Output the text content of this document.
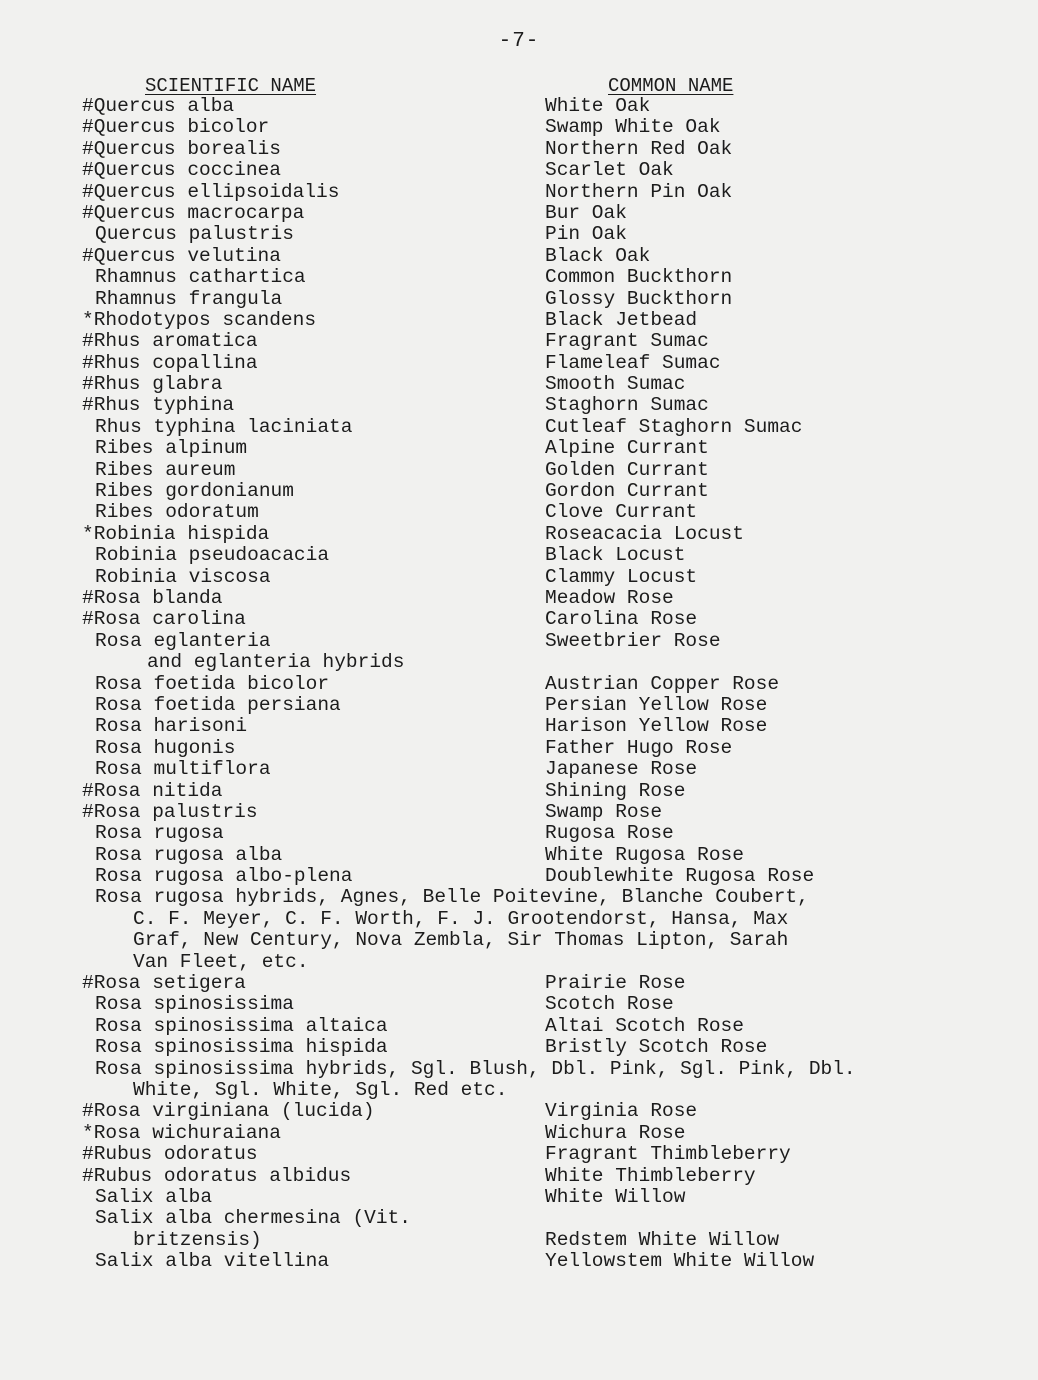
-7-
SCIENTIFIC NAME	COMMON NAME
#Quercus alba	White Oak
#Quercus bicolor	Swamp White Oak
#Quercus borealis	Northern Red Oak
#Quercus coccinea	Scarlet Oak
#Quercus ellipsoidalis	Northern Pin Oak
#Quercus macrocarpa	Bur Oak
Quercus palustris	Pin Oak
#Quercus velutina	Black Oak
Rhamnus cathartica	Common Buckthorn
Rhamnus frangula	Glossy Buckthorn
*Rhodotypos scandens	Black Jetbead
#Rhus aromatica	Fragrant Sumac
#Rhus copallina	Flameleaf Sumac
#Rhus glabra	Smooth Sumac
#Rhus typhina	Staghorn Sumac
Rhus typhina laciniata	Cutleaf Staghorn Sumac
Ribes alpinum	Alpine Currant
Ribes aureum	Golden Currant
Ribes gordonianum	Gordon Currant
Ribes odoratum	Clove Currant
*Robinia hispida	Roseacacia Locust
Robinia pseudoacacia	Black Locust
Robinia viscosa	Clammy Locust
#Rosa blanda	Meadow Rose
#Rosa carolina	Carolina Rose
Rosa eglanteria	Sweetbrier Rose
and eglanteria hybrids
Rosa foetida bicolor	Austrian Copper Rose
Rosa foetida persiana	Persian Yellow Rose
Rosa harisoni	Harison Yellow Rose
Rosa hugonis	Father Hugo Rose
Rosa multiflora	Japanese Rose
#Rosa nitida	Shining Rose
#Rosa palustris	Swamp Rose
Rosa rugosa	Rugosa Rose
Rosa rugosa alba	White Rugosa Rose
Rosa rugosa albo-plena	Doublewhite Rugosa Rose
Rosa rugosa hybrids, Agnes, Belle Poitevine, Blanche Coubert,
C. F. Meyer, C. F. Worth, F. J. Grootendorst, Hansa, Max
Graf, New Century, Nova Zembla, Sir Thomas Lipton, Sarah
Van Fleet, etc.
#Rosa setigera	Prairie Rose
Rosa spinosissima	Scotch Rose
Rosa spinosissima altaica	Altai Scotch Rose
Rosa spinosissima hispida	Bristly Scotch Rose
Rosa spinosissima hybrids, Sgl. Blush, Dbl. Pink, Sgl. Pink, Dbl.
White, Sgl. White, Sgl. Red etc.
#Rosa virginiana (lucida)	Virginia Rose
*Rosa wichuraiana	Wichura Rose
#Rubus odoratus	Fragrant Thimbleberry
#Rubus odoratus albidus	White Thimbleberry
Salix alba	White Willow
Salix alba chermesina (Vit.
britzensis)	Redstem White Willow
Salix alba vitellina	Yellowstem White Willow
